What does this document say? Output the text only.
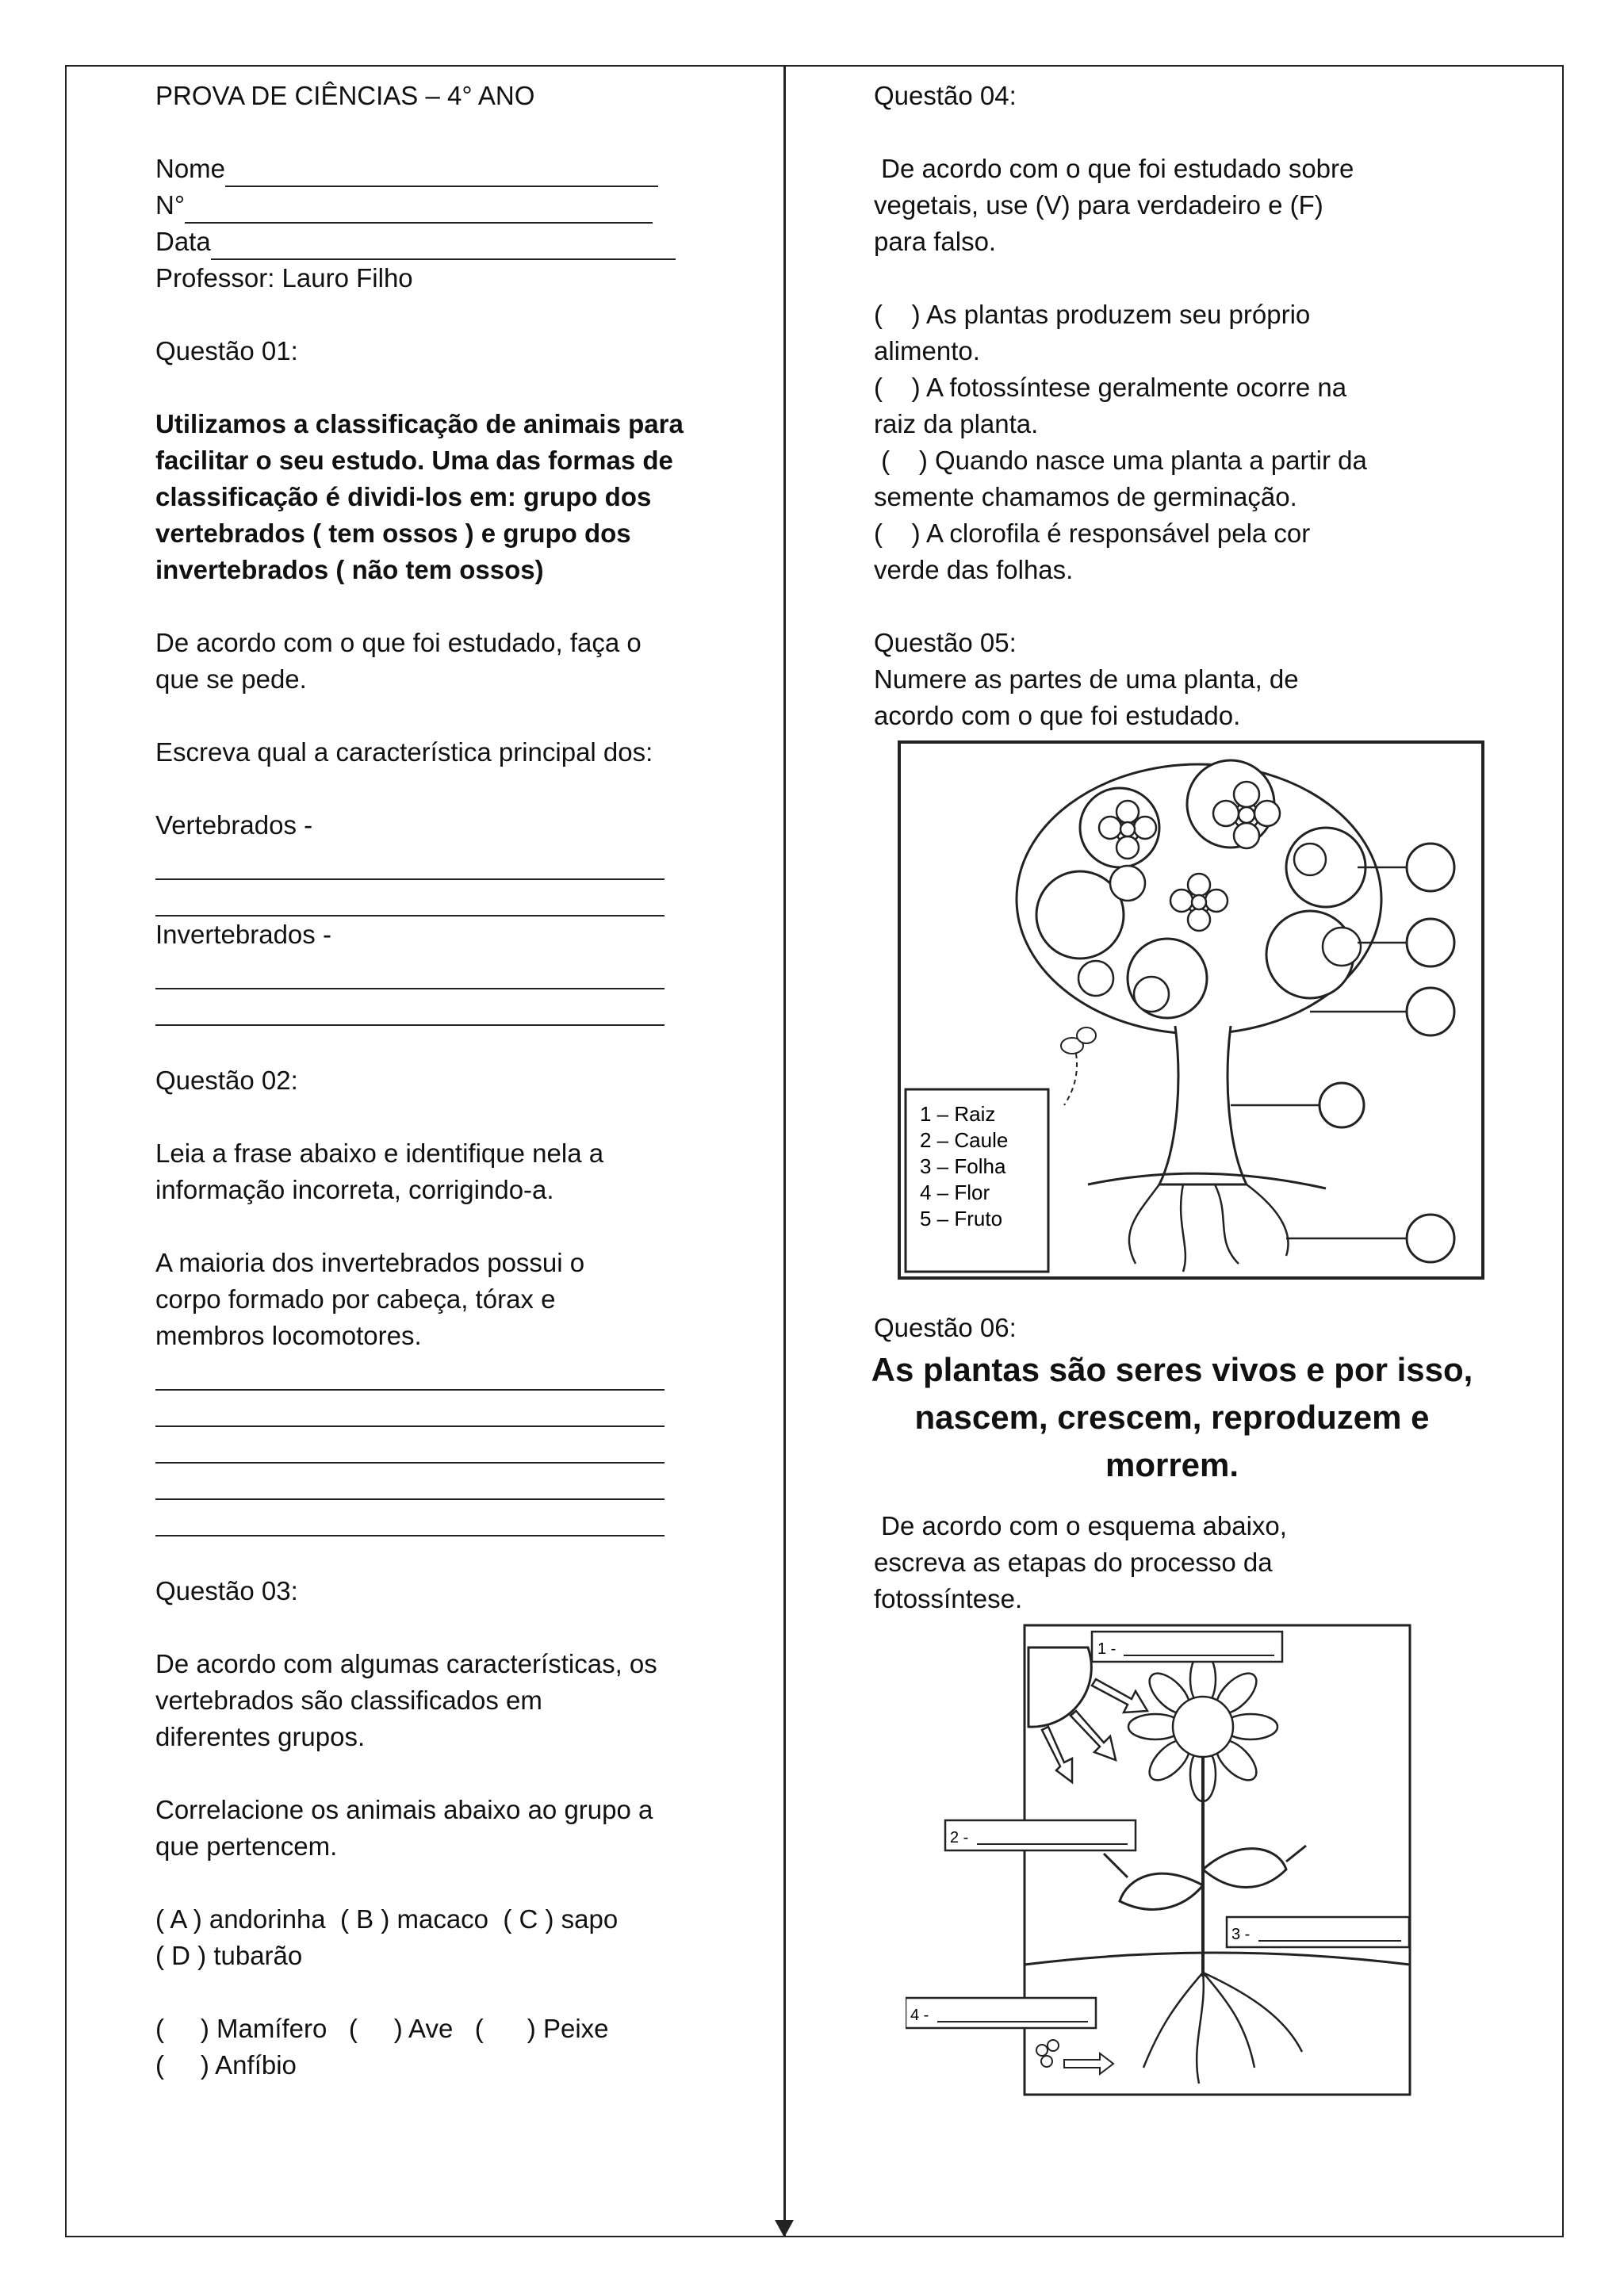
PROVA DE CIÊNCIAS – 4° ANO
Nome
N°
Data
Professor: Lauro Filho
Questão 01:
Utilizamos a classificação de animais para
facilitar o seu estudo. Uma das formas de
classificação é dividi-los em: grupo dos
vertebrados ( tem ossos ) e grupo dos
invertebrados ( não tem ossos)
De acordo com o que foi estudado, faça o
que se pede.
Escreva qual a característica principal dos:
Vertebrados -
Invertebrados -
Questão 02:
Leia a frase abaixo e identifique nela a
informação incorreta, corrigindo-a.
A maioria dos invertebrados possui o
corpo formado por cabeça, tórax e
membros locomotores.
Questão 03:
De acordo com algumas características, os
vertebrados são classificados em
diferentes grupos.
Correlacione os animais abaixo ao grupo a
que pertencem.
( A ) andorinha  ( B ) macaco  ( C ) sapo
( D ) tubarão
(     ) Mamífero   (     ) Ave   (      ) Peixe
(     ) Anfíbio
Questão 04:
De acordo com o que foi estudado sobre
vegetais, use (V) para verdadeiro e (F)
para falso.
(    ) As plantas produzem seu próprio
alimento.
(    ) A fotossíntese geralmente ocorre na
raiz da planta.
(    ) Quando nasce uma planta a partir da
semente chamamos de germinação.
(    ) A clorofila é responsável pela cor
verde das folhas.
Questão 05:
Numere as partes de uma planta, de
acordo com o que foi estudado.
1 – Raiz
2 – Caule
3 – Folha
4 – Flor
5 – Fruto
Questão 06:
As plantas são seres vivos e por isso,
nascem, crescem, reproduzem e
morrem.
De acordo com o esquema abaixo,
escreva as etapas do processo da
fotossíntese.
1 -
2 -
3 -
4 -
